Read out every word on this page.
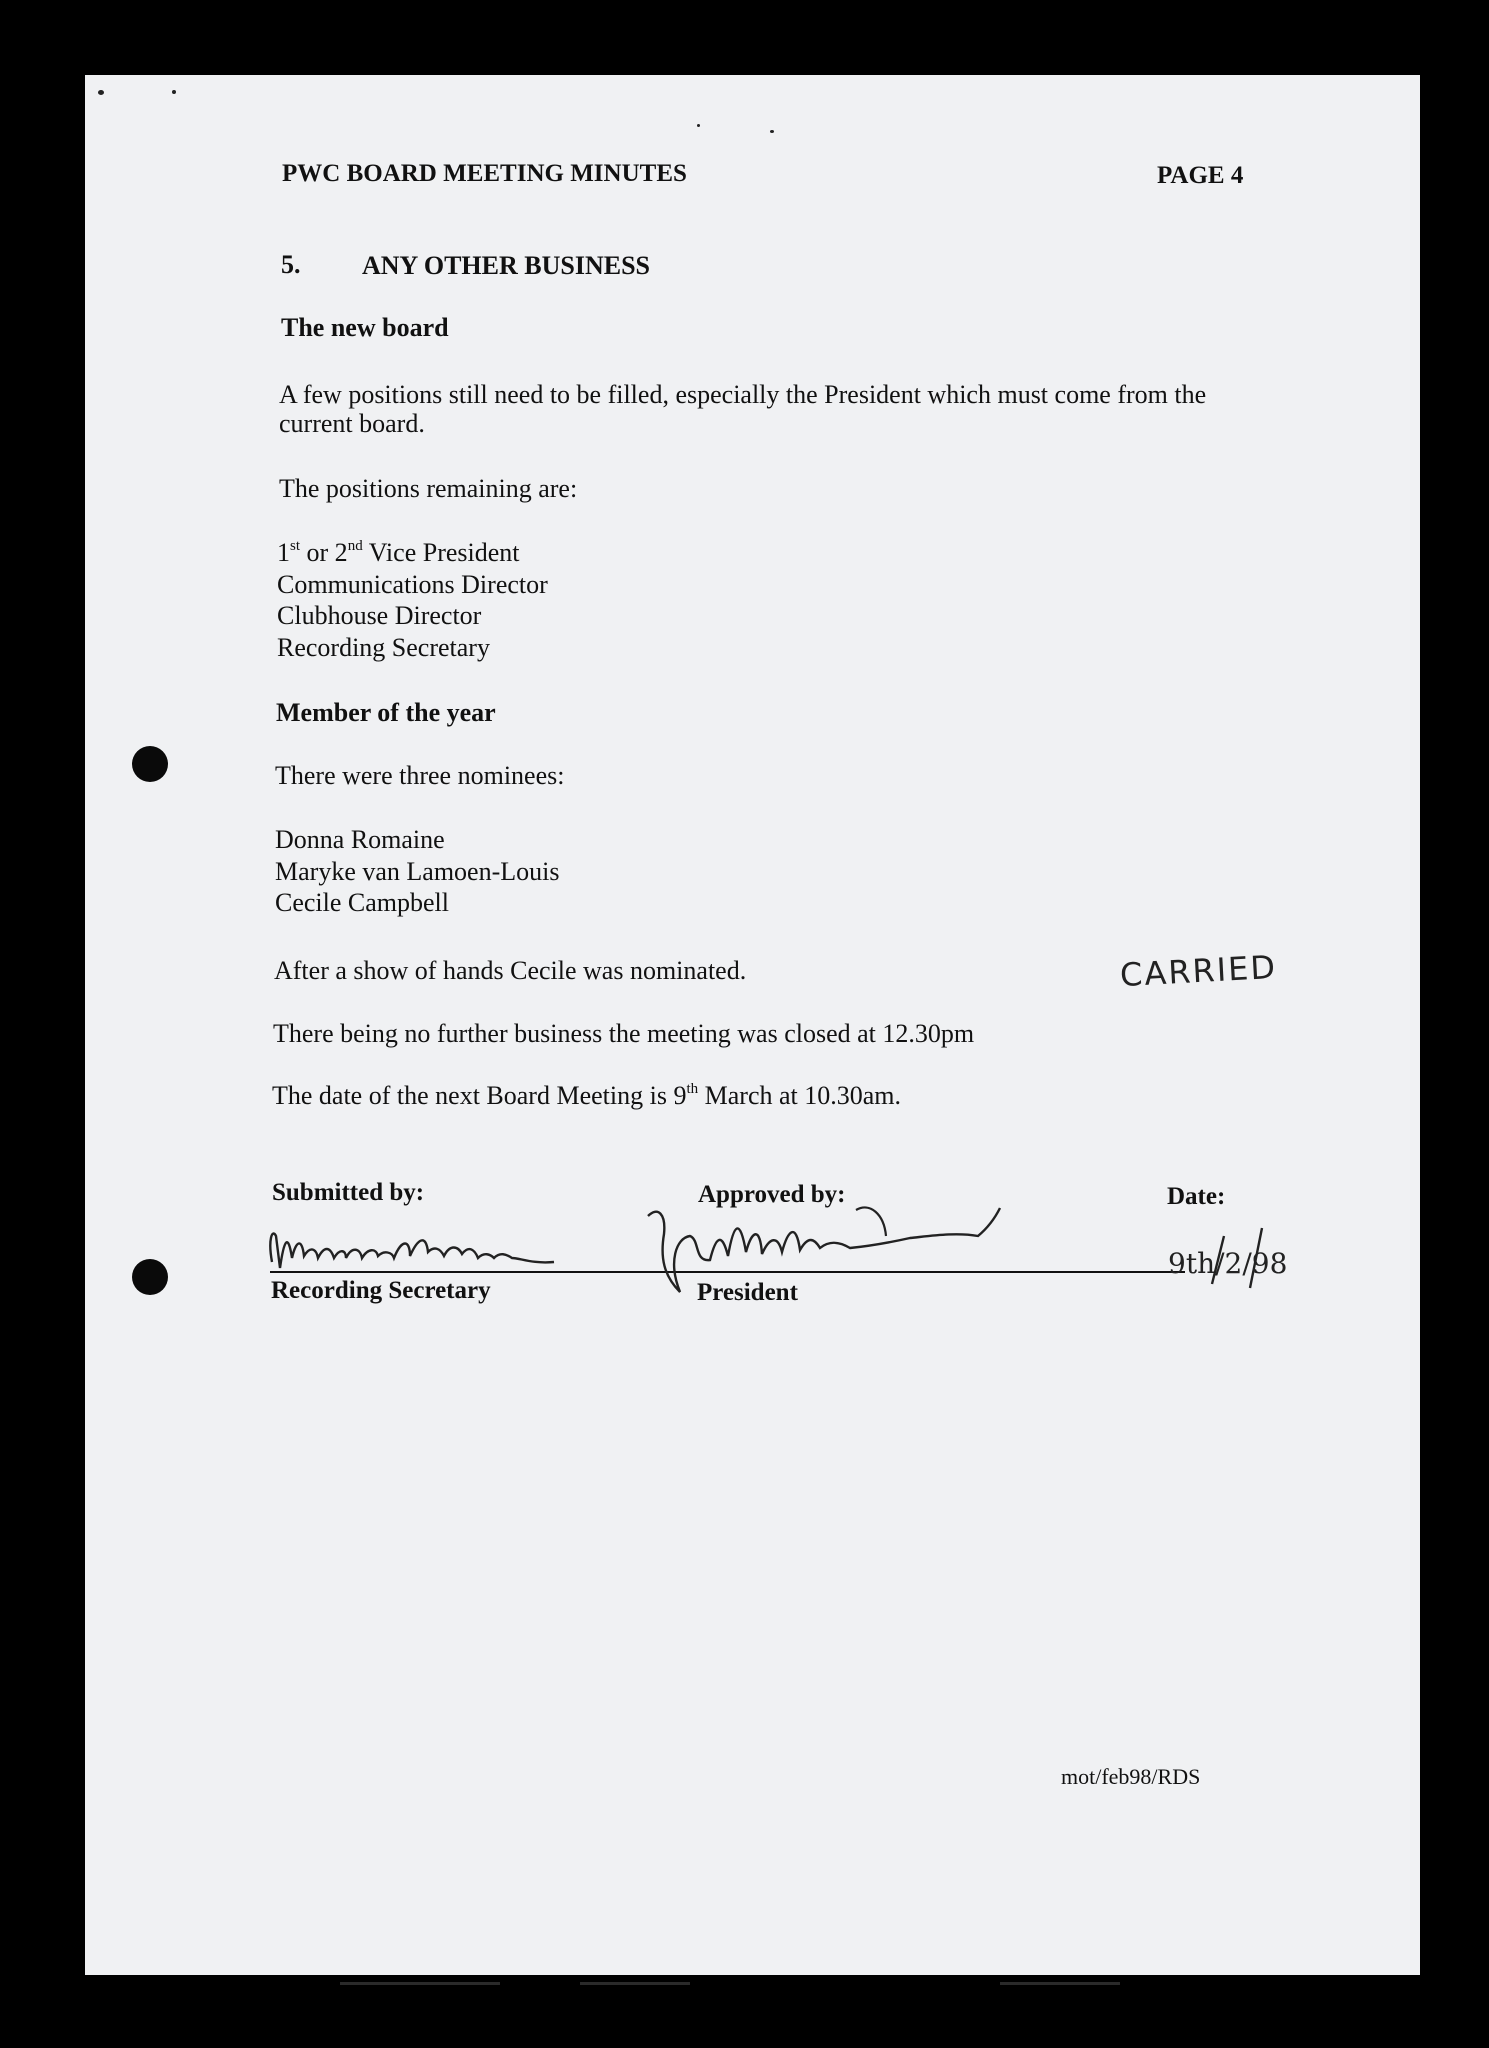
PWC BOARD MEETING MINUTES	PAGE 4
5. ANY OTHER BUSINESS
The new board
A few positions still need to be filled, especially the President which must come from the
current board.
The positions remaining are:
1st or 2nd Vice President
Communications Director
Clubhouse Director
Recording Secretary
Member of the year
There were three nominees:
Donna Romaine
Maryke van Lamoen-Louis
Cecile Campbell
After a show of hands Cecile was nominated.	CARRIED
There being no further business the meeting was closed at 12.30pm
The date of the next Board Meeting is 9th March at 10.30am.
Submitted by:	Approved by:	Date:
9th/2/98
Recording Secretary	President
mot/feb98/RDS
